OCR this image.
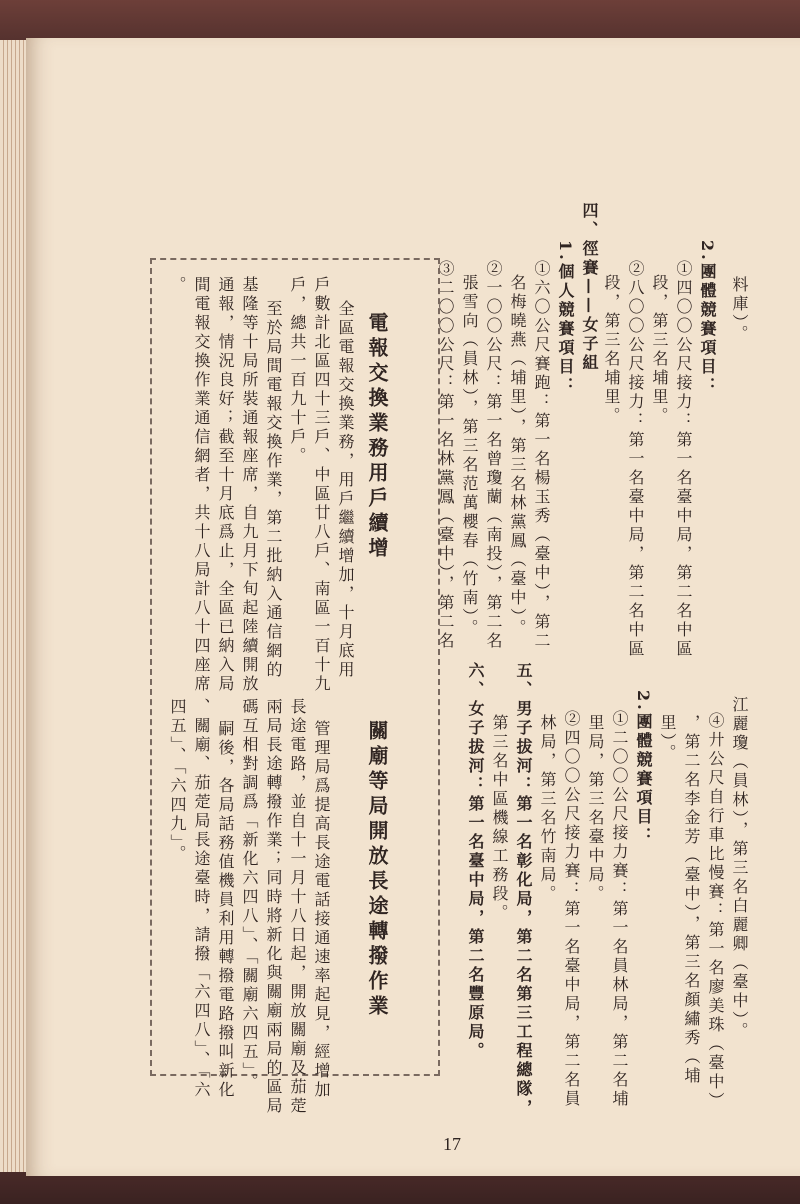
料庫）。
2.團體競賽項目：
①四〇〇公尺接力：第一名臺中局，第二名中區
段，第三名埔里。
②八〇〇公尺接力：第一名臺中局，第二名中區
段，第三名埔里。
四、徑賽——女子組
1.個人競賽項目：
①六〇公尺賽跑：第一名楊玉秀（臺中），第二
名梅曉燕（埔里），第三名林黨鳳（臺中）。
②一〇〇公尺：第一名曾瓊蘭（南投），第二名
張雪向（員林），第三名范萬櫻春（竹南）。
③二〇〇公尺：第一名林黨鳳（臺中），第二名
江麗瓊（員林），第三名白麗卿（臺中）。
④廾公尺自行車比慢賽：第一名廖美珠（臺中）
，第二名李金芳（臺中），第三名顏繡秀（埔
里）。
2.團體競賽項目：
①二〇〇公尺接力賽：第一名員林局，第二名埔
里局，第三名臺中局。
②四〇〇公尺接力賽：第一名臺中局，第二名員
林局，第三名竹南局。
五、男子拔河：第一名彰化局，第二名第三工程總隊，
第三名中區機線工務段。
六、女子拔河：第一名臺中局，第二名豐原局。
電報交換業務用戶續增
全區電報交換業務，用戶繼續增加，十月底用
戶數計北區四十三戶、中區廿八戶、南區一百十九
戶，總共一百九十戶。
至於局間電報交換作業，第二批納入通信網的
基隆等十局所裝通報座席，自九月下旬起陸續開放
通報，情況良好；截至十月底爲止，全區已納入局
間電報交換作業通信網者，共十八局計八十四座席
。
關廟等局開放長途轉撥作業
管理局爲提高長途電話接通速率起見，經增加
長途電路，並自十一月十八日起，開放關廟及茄萣
兩局長途轉撥作業；同時將新化與關廟兩局的區局
碼互相對調爲「新化六四八」、「關廟六四五」。
嗣後，各局話務值機員利用轉撥電路撥叫新化
、關廟、茄萣局長途臺時，請撥「六四八」、「六
四五」、「六四九」。
17
